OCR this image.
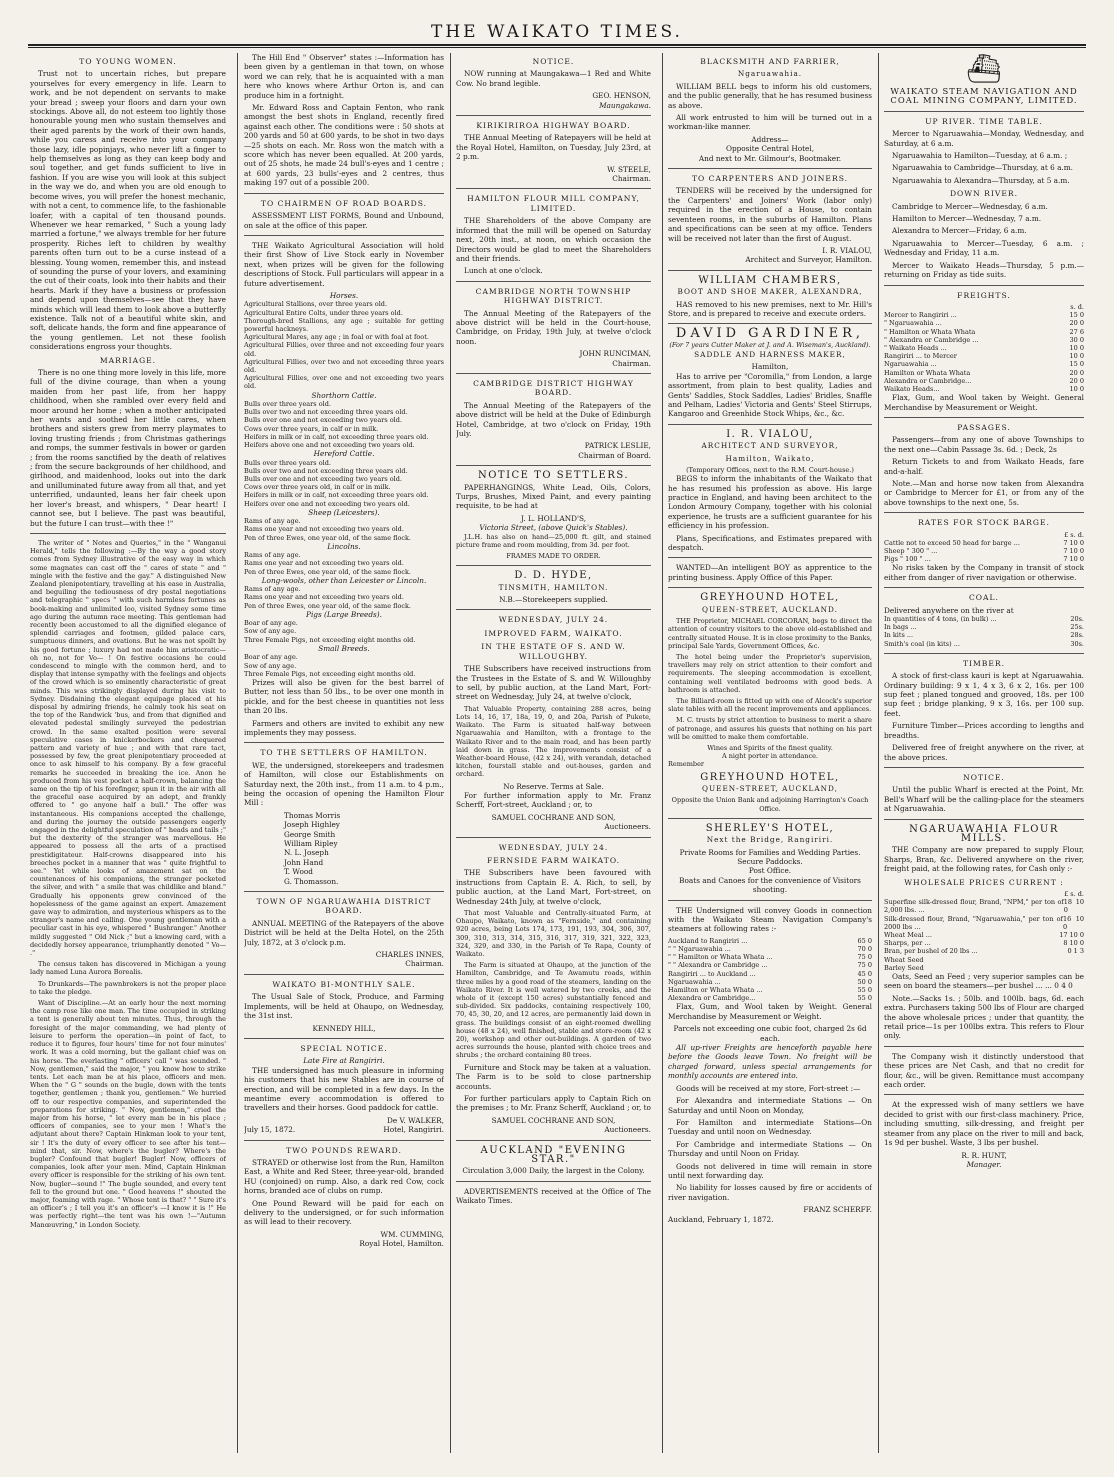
THE WAIKATO TIMES.
TO YOUNG WOMEN.

Trust not to uncertain riches, but prepare yourselves for every emergency in life. Learn to work, and be not dependent on servants to make your bread ; sweep your floors and darn your own stockings. Above all, do not esteem too lightly those honourable young men who sustain themselves and their aged parents by the work of their own hands, while you caress and receive into your company those lazy, idle popinjays, who never lift a finger to help themselves as long as they can keep body and soul together, and get funds sufficient to live in fashion. If you are wise you will look at this subject in the way we do, and when you are old enough to become wives, you will prefer the honest mechanic, with not a cent, to commence life, to the fashionable loafer, with a capital of ten thousand pounds. Whenever we hear remarked, " Such a young lady married a fortune," we always tremble for her future prosperity. Riches left to children by wealthy parents often turn out to be a curse instead of a blessing. Young women, remember this, and instead of sounding the purse of your lovers, and examining the cut of their coats, look into their habits and their hearts. Mark if they have a business or profession and depend upon themselves—see that they have minds which will lead them to look above a butterfly existence. Talk not of a beautiful white skin, and soft, delicate hands, the form and fine appearance of the young gentlemen. Let not these foolish considerations engross your thoughts.

MARRIAGE.

There is no one thing more lovely in this life, more full of the divine courage, than when a young maiden from her past life, from her happy childhood, when she rambled over every field and moor around her home ; when a mother anticipated her wants and soothed her little cares, when brothers and sisters grew from merry playmates to loving trusting friends ; from Christmas gatherings and romps, the summer festivals in bower or garden ; from the rooms sanctified by the death of relatives ; from the secure backgrounds of her childhood, and girlhood, and maidenhood, looks out into the dark and unilluminated future away from all that, and yet unterrified, undaunted, leans her fair cheek upon her lover's breast, and whispers, " Dear heart! I cannot see, but I believe. The past was beautiful, but the future I can trust—with thee !"

The writer of " Notes and Queries," in the " Wanganui Herald," tells the following :—By the way a good story comes from Sydney illustrative of the easy way in which some magnates can cast off the " cares of state " and " mingle with the festive and the gay." A distinguished New Zealand plenipotentiary, travelling at his ease in Australia, and beguiling the tediousness of dry postal negotiations and telegraphic " specs " with such harmless fortunes as book-making and unlimited loo, visited Sydney some time ago during the autumn race meeting. This gentleman had recently been accustomed to all the dignified elegance of splendid carriages and footmen, gilded palace cars, sumptuous dinners, and ovations. But he was not spoilt by his good fortune ; luxury had not made him aristocratic—oh no, not for Vo— ! On festive occasions he could condescend to mingle with the common herd, and to display that intense sympathy with the feelings and objects of the crowd which is so eminently characteristic of great minds. This was strikingly displayed during his visit to Sydney. Disdaining the elegant equipage placed at his disposal by admiring friends, he calmly took his seat on the top of the Randwick 'bus, and from that dignified and elevated pedestal smilingly surveyed the pedestrian crowd. In the same exalted position were several speculative cases in knickerbockers and chequered pattern and variety of hue ; and with that rare tact, possessed by few, the great plenipotentiary proceeded at once to ask himself to his company. By a few graceful remarks he succeeded in breaking the ice. Anon he produced from his vest pocket a half-crown, balancing the same on the tip of his forefinger, spun it in the air with all the graceful ease acquired by an adept, and frankly offered to " go anyone half a bull." The offer was instantaneous. His companions accepted the challenge, and during the journey the outside passengers eagerly engaged in the delightful speculation of " heads and tails ;" but the dexterity of the stranger was marvellous. He appeared to possess all the arts of a practised prestidigitateur. Half-crowns disappeared into his breeches pocket in a manner that was " quite frightful to see." Yet while looks of amazement sat on the countenances of his companions, the stranger pocketed the silver, and with " a smile that was childlike and bland." Gradually his opponents grew convinced of the hopelessness of the game against an expert. Amazement gave way to admiration, and mysterious whispers as to the stranger's name and calling. One young gentleman with a peculiar cast in his eye, whispered " Bushranger." Another mildly suggested " Old Nick ;" but a knowing card, with a decidedly horsey appearance, triumphantly denoted " Vo— ."

The census taken has discovered in Michigan a young lady named Luna Aurora Borealis.

To Drunkards—The pawnbrokers is not the proper place to take the pledge.

Want of Discipline.—At an early hour the next morning the camp rose like one man. The time occupied in striking a tent is generally about ten minutes. Thus, through the foresight of the major commanding, we had plenty of leisure to perform the operation—in point of fact, to reduce it to figures, four hours' time for not four minutes' work. It was a cold morning, but the gallant chief was on his horse. The everlasting " officers' call " was sounded. " Now, gentlemen," said the major, " you know how to strike tents. Let each man be at his place, officers and men. When the " G " sounds on the bugle, down with the tents together, gentlemen ; thank you, gentlemen." We hurried off to our respective companies, and superintended the preparations for striking. " Now, gentlemen," cried the major from his horse, " let every man be in his place ; officers of companies, see to your men ! What's the adjutant about there? Captain Hinkman look to your tent, sir ! It's the duty of every officer to see after his tent—mind that, sir. Now, where's the bugler? Where's the bugler? Confound that bugler! Bugler! Now, officers of companies, look after your men. Mind, Captain Hinkman every officer is responsible for the striking of his own tent. Now, bugler—sound !" The bugle sounded, and every tent fell to the ground but one. " Good heavens !" shouted the major, foaming with rage. " Whose tent is that? " " Sure it's an officer's ; I tell you it's an officer's —I know it is !" He was perfectly right—the tent was his own !—"Autumn Manœuvring," in London Society.

The Hill End " Observer" states :—Information has been given by a gentleman in that town, on whose word we can rely, that he is acquainted with a man here who knows where Arthur Orton is, and can produce him in a fortnight.

Mr. Edward Ross and Captain Fenton, who rank amongst the best shots in England, recently fired against each other. The conditions were : 50 shots at 200 yards and 50 at 600 yards, to be shot in two days—25 shots on each. Mr. Ross won the match with a score which has never been equalled. At 200 yards, out of 25 shots, he made 24 bull's-eyes and 1 centre ; at 600 yards, 23 bulls'-eyes and 2 centres, thus making 197 out of a possible 200.

TO CHAIRMEN OF ROAD BOARDS.

ASSESSMENT LIST FORMS, Bound and Unbound, on sale at the office of this paper.

THE Waikato Agricultural Association will hold their first Show of Live Stock early in November next, when prizes will be given for the following descriptions of Stock. Full particulars will appear in a future advertisement.

Horses.
Agricultural Stallions, over three years old.
Agricultural Entire Colts, under three years old.
Thorough-bred Stallions, any age ; suitable for getting powerful hackneys.
Agricultural Mares, any age ; in foal or with foal at foot.
Agricultural Fillies, over three and not exceeding four years old.
Agricultural Fillies, over two and not exceeding three years old.
Agricultural Fillies, over one and not exceeding two years old.
Shorthorn Cattle.
Bulls over three years old.
Bulls over two and not exceeding three years old.
Bulls over one and not exceeding two years old.
Cows over three years, in calf or in milk.
Heifers in milk or in calf, not exceeding three years old.
Heifers above one and not exceeding two years old.
Hereford Cattle.
Bulls over three years old.
Bulls over two and not exceeding three years old.
Bulls over one and not exceeding two years old.
Cows over three years old, in calf or in milk.
Heifers in milk or in calf, not exceeding three years old.
Heifers over one and not exceeding two years old.
Sheep (Leicesters).
Rams of any age.
Rams one year and not exceeding two years old.
Pen of three Ewes, one year old, of the same flock.
Lincolns.
Rams of any age.
Rams one year and not exceeding two years old.
Pen of three Ewes, one year old, of the same flock.
Long-wools, other than Leicester or Lincoln.
Rams of any age.
Rams one year and not exceeding two years old.
Pen of three Ewes, one year old, of the same flock.
Pigs (Large Breeds).
Boar of any age.
Sow of any age.
Three Female Pigs, not exceeding eight months old.
Small Breeds.
Boar of any age.
Sow of any age.
Three Female Pigs, not exceeding eight months old.

Prizes will also be given for the best barrel of Butter, not less than 50 lbs., to be over one month in pickle, and for the best cheese in quantities not less than 20 lbs.

Farmers and others are invited to exhibit any new implements they may possess.

TO THE SETTLERS OF HAMILTON.

WE, the undersigned, storekeepers and tradesmen of Hamilton, will close our Establishments on Saturday next, the 20th inst., from 11 a.m. to 4 p.m., being the occasion of opening the Hamilton Flour Mill :

Thomas Morris
Joseph Highley
George Smith
William Ripley
N. L. Joseph
John Hand
T. Wood
G. Thomasson.
TOWN OF NGARUAWAHIA DISTRICT BOARD.

ANNUAL MEETING of the Ratepayers of the above District will be held at the Delta Hotel, on the 25th July, 1872, at 3 o'clock p.m.

CHARLES INNES,
Chairman.
WAIKATO BI-MONTHLY SALE.

The Usual Sale of Stock, Produce, and Farming Implements, will be held at Ohaupo, on Wednesday, the 31st inst.

KENNEDY HILL,
SPECIAL NOTICE.
Late Fire at Rangiriri.

THE undersigned has much pleasure in informing his customers that his new Stables are in course of erection, and will be completed in a few days. In the meantime every accommodation is offered to travellers and their horses. Good paddock for cattle.

De V. WALKER,
July 15, 1872.	Hotel, Rangiriri.
TWO POUNDS REWARD.

STRAYED or otherwise lost from the Run, Hamilton East, a White and Red Steer, three-year-old, branded HU (conjoined) on rump. Also, a dark red Cow, cock horns, branded ace of clubs on rump.

One Pound Reward will be paid for each on delivery to the undersigned, or for such information as will lead to their recovery.

WM. CUMMING,
Royal Hotel, Hamilton.
NOTICE.

NOW running at Maungakawa—1 Red and White Cow. No brand legible.

GEO. HENSON,
Maungakawa.
KIRIKIRIROA HIGHWAY BOARD.

THE Annual Meeting of Ratepayers will be held at the Royal Hotel, Hamilton, on Tuesday, July 23rd, at 2 p.m.

W. STEELE,
Chairman.
HAMILTON FLOUR MILL COMPANY, LIMITED.

THE Shareholders of the above Company are informed that the mill will be opened on Saturday next, 20th inst., at noon, on which occasion the Directors would be glad to meet the Shareholders and their friends.

Lunch at one o'clock.

CAMBRIDGE NORTH TOWNSHIP HIGHWAY DISTRICT.

The Annual Meeting of the Ratepayers of the above district will be held in the Court-house, Cambridge, on Friday, 19th July, at twelve o'clock noon.

JOHN RUNCIMAN,
Chairman.
CAMBRIDGE DISTRICT HIGHWAY BOARD.

The Annual Meeting of the Ratepayers of the above district will be held at the Duke of Edinburgh Hotel, Cambridge, at two o'clock on Friday, 19th July.

PATRICK LESLIE,
Chairman of Board.
NOTICE TO SETTLERS.

PAPERHANGINGS, White Lead, Oils, Colors, Turps, Brushes, Mixed Paint, and every painting requisite, to be had at

J. L. HOLLAND'S,
Victoria Street, (above Quick's Stables).

J.L.H. has also on hand—25,000 ft. gilt, and stained picture frame and room moulding, from 3d. per foot.

FRAMES MADE TO ORDER.
D. D. HYDE,
TINSMITH, HAMILTON.
N.B.—Storekeepers supplied.
WEDNESDAY, JULY 24.
IMPROVED FARM, WAIKATO.
IN THE ESTATE OF S. AND W. WILLOUGHBY.

THE Subscribers have received instructions from the Trustees in the Estate of S. and W. Willoughby to sell, by public auction, at the Land Mart, Fort-street on Wednesday, July 24, at twelve o'clock,

That Valuable Property, containing 288 acres, being Lots 14, 16, 17, 18a, 19, 0, and 20a, Parish of Pukete, Waikato. The Farm is situated half-way between Ngaruawahia and Hamilton, with a frontage to the Waikato River and to the main road, and has been partly laid down in grass. The improvements consist of a Weather-board House, (42 x 24), with verandah, detached kitchen, fourstall stable and out-houses, garden and orchard.

No Reserve. Terms at Sale.

For further information apply to Mr. Franz Scherff, Fort-street, Auckland ; or, to

SAMUEL COCHRANE AND SON,
Auctioneers.
WEDNESDAY, JULY 24.
FERNSIDE FARM WAIKATO.

THE Subscribers have been favoured with instructions from Captain E. A. Rich, to sell, by public auction, at the Land Mart, Fort-street, on Wednesday 24th July, at twelve o'clock,

That most Valuable and Centrally-situated Farm, at Ohaupo, Waikato, known as "Fernside," and containing 920 acres, being Lots 174, 173, 191, 193, 304, 306, 307, 309, 310, 313, 314, 315, 316, 317, 319, 321, 322, 323, 324, 329, and 330, in the Parish of Te Rapa, County of Waikato.

The Farm is situated at Ohaupo, at the junction of the Hamilton, Cambridge, and Te Awamutu roads, within three miles by a good road of the steamers, landing on the Waikato River. It is well watered by two creeks, and the whole of it (except 150 acres) substantially fenced and sub-divided. Six paddocks, containing respectively 100, 70, 45, 30, 20, and 12 acres, are permanently laid down in grass. The buildings consist of an eight-roomed dwelling house (48 x 24), well finished, stable and store-room (42 x 20), workshop and other out-buildings. A garden of two acres surrounds the house, planted with choice trees and shrubs ; the orchard containing 80 trees.

Furniture and Stock may be taken at a valuation. The Farm is to be sold to close partnership accounts.

For further particulars apply to Captain Rich on the premises ; to Mr. Franz Scherff, Auckland ; or, to

SAMUEL COCHRANE AND SON,
Auctioneers.
AUCKLAND "EVENING STAR."
Circulation 3,000 Daily, the largest in the Colony.

ADVERTISEMENTS received at the Office of The Waikato Times.

BLACKSMITH AND FARRIER,
Ngaruawahia.

WILLIAM BELL begs to inform his old customers, and the public generally, that he has resumed business as above.

All work entrusted to him will be turned out in a workman-like manner.

Address—
Opposite Central Hotel,
And next to Mr. Gilmour's, Bootmaker.
TO CARPENTERS AND JOINERS.

TENDERS will be received by the undersigned for the Carpenters' and Joiners' Work (labor only) required in the erection of a House, to contain seventeen rooms, in the suburbs of Hamilton. Plans and specifications can be seen at my office. Tenders will be received not later than the first of August.

I. R. VIALOU,
Architect and Surveyor, Hamilton.
WILLIAM CHAMBERS,
BOOT AND SHOE MAKER, ALEXANDRA,

HAS removed to his new premises, next to Mr. Hill's Store, and is prepared to receive and execute orders.

DAVID GARDINER,
(For 7 years Cutter Maker at J. and A. Wiseman's, Auckland).
SADDLE AND HARNESS MAKER,
Hamilton,

Has to arrive per "Coromilla," from London, a large assortment, from plain to best quality, Ladies and Gents' Saddles, Stock Saddles, Ladies' Bridles, Snaffle and Pelham, Ladies' Victoria and Gents' Steel Stirrups, Kangaroo and Greenhide Stock Whips, &c., &c.

I. R. VIALOU,
ARCHITECT AND SURVEYOR,
Hamilton, Waikato,
(Temporary Offices, next to the R.M. Court-house.)

BEGS to inform the inhabitants of the Waikato that he has resumed his profession as above. His large practice in England, and having been architect to the London Armoury Company, together with his colonial experience, he trusts are a sufficient guarantee for his efficiency in his profession.

Plans, Specifications, and Estimates prepared with despatch.

WANTED—An intelligent BOY as apprentice to the printing business. Apply Office of this Paper.

GREYHOUND HOTEL,
QUEEN-STREET, AUCKLAND.

THE Proprietor, MICHAEL CORCORAN, begs to direct the attention of country visitors to the above old-established and centrally situated House. It is in close proximity to the Banks, principal Sale Yards, Government Offices, &c.

The hotel being under the Proprietor's supervision, travellers may rely on strict attention to their comfort and requirements. The sleeping accommodation is excellent, containing well ventilated bedrooms with good beds. A bathroom is attached.

The Billiard-room is fitted up with one of Alcock's superior slate tables with all the recent improvements and appliances.

M. C. trusts by strict attention to business to merit a share of patronage, and assures his guests that nothing on his part will be omitted to make them comfortable.

Wines and Spirits of the finest quality.
A night porter in attendance.
Remember
GREYHOUND HOTEL,
QUEEN-STREET, AUCKLAND,
Opposite the Union Bank and adjoining Harrington's Coach Office.
SHERLEY'S HOTEL,
Next the Bridge, Rangiriri.
Private Rooms for Families and Wedding Parties.
Secure Paddocks.
Post Office.
Boats and Canoes for the convenience of Visitors shooting.

THE Undersigned will convey Goods in connection with the Waikato Steam Navigation Company's steamers at following rates :-

Auckland to Rangiriri ...	65 0
" " Ngaruawahia ...	70 0
" " Hamilton or Whata Whata ...	75 0
" " Alexandra or Cambridge ...	75 0
Rangiriri ... to Auckland ...	45 0
Ngaruawahia ...	50 0
Hamilton or Whata Whata ...	55 0
Alexandra or Cambridge...	55 0

Flax, Gum, and Wool taken by Weight. General Merchandise by Measurement or Weight.

Parcels not exceeding one cubic foot, charged 2s 6d each.

All up-river Freights are henceforth payable here before the Goods leave Town. No freight will be charged forward, unless special arrangements for monthly accounts are entered into.

Goods will be received at my store, Fort-street :—

For Alexandra and intermediate Stations — On Saturday and until Noon on Monday,

For Hamilton and intermediate Stations—On Tuesday and until noon on Wednesday.

For Cambridge and intermediate Stations — On Thursday and until Noon on Friday.

Goods not delivered in time will remain in store until next forwarding day.

No liability for losses caused by fire or accidents of river navigation.

FRANZ SCHERFF.
Auckland, February 1, 1872.
⛴
WAIKATO STEAM NAVIGATION AND COAL MINING COMPANY, LIMITED.
UP RIVER. TIME TABLE.

Mercer to Ngaruawahia—Monday, Wednesday, and Saturday, at 6 a.m.

Ngaruawahia to Hamilton—Tuesday, at 6 a.m. ;

Ngaruawahia to Cambridge—Thursday, at 6 a.m.

Ngaruawahia to Alexandra—Thursday, at 5 a.m.

DOWN RIVER.

Cambridge to Mercer—Wednesday, 6 a.m.

Hamilton to Mercer—Wednesday, 7 a.m.

Alexandra to Mercer—Friday, 6 a.m.

Ngaruawahia to Mercer—Tuesday, 6 a.m. ; Wednesday and Friday, 11 a.m.

Mercer to Waikato Heads—Thursday, 5 p.m.—returning on Friday as tide suits.

FREIGHTS.
s. d.
Mercer to Rangiriri ...	15 0
" Ngaruawahia ...	20 0
" Hamilton or Whata Whata	27 6
" Alexandra or Cambridge ...	30 0
" Waikato Heads ...	10 0
Rangiriri ... to Mercer	10 0
Ngaruawahia ...	15 0
Hamilton or Whata Whata	20 0
Alexandra or Cambridge...	20 0
Waikato Heads...	10 0

Flax, Gum, and Wool taken by Weight. General Merchandise by Measurement or Weight.

PASSAGES.

Passengers—from any one of above Townships to the next one—Cabin Passage 3s. 6d. ; Deck, 2s

Return Tickets to and from Waikato Heads, fare and-a-half.

Note.—Man and horse now taken from Alexandra or Cambridge to Mercer for £1, or from any of the above townships to the next one, 5s.

RATES FOR STOCK BARGE.
£ s. d.
Cattle not to exceed 50 head for barge ...	7 10 0
Sheep " 300 " ...	7 10 0
Pigs " 100 " ...	7 10 0

No risks taken by the Company in transit of stock either from danger of river navigation or otherwise.

COAL.
Delivered anywhere on the river at
In quantities of 4 tons, (in bulk) ...	20s.
In bags ...	25s.
In kits ...	28s.
Smith's coal (in kits) ...	30s.
TIMBER.

A stock of first-class kauri is kept at Ngaruawahia. Ordinary building: 9 x 1, 4 x 3, 6 x 2, 16s. per 100 sup feet ; planed tongued and grooved, 18s. per 100 sup feet ; bridge planking, 9 x 3, 16s. per 100 sup. feet.

Furniture Timber—Prices according to lengths and breadths.

Delivered free of freight anywhere on the river, at the above prices.

NOTICE.

Until the public Wharf is erected at the Point, Mr. Bell's Wharf will be the calling-place for the steamers at Ngaruawahia.

NGARUAWAHIA FLOUR MILLS.

THE Company are now prepared to supply Flour, Sharps, Bran, &c. Delivered anywhere on the river, freight paid, at the following rates, for Cash only :-

WHOLESALE PRICES CURRENT :
£ s. d.
Superfine silk-dressed flour, Brand, "NPM," per ton of 2,000 lbs. ...
18 10 0
Silk-dressed flour, Brand, "Ngaruawahia," per ton of 2000 lbs ...
16 10 0
Wheat Meal ...	17 10 0
Sharps, per ...	8 10 0
Bran, per bushel of 20 lbs ...	0 1 3
Wheat Seed
Barley Seed

Oats, Seed an Feed ; very superior samples can be seen on board the steamers—per bushel ... ... 0 4 0

Note.—Sacks 1s. ; 50lb. and 100lb. bags, 6d. each extra. Purchasers taking 500 lbs of Flour are charged the above wholesale prices ; under that quantity, the retail price—1s per 100lbs extra. This refers to Flour only.

The Company wish it distinctly understood that these prices are Net Cash, and that no credit for flour, &c., will be given. Remittance must accompany each order.

At the expressed wish of many settlers we have decided to grist with our first-class machinery. Price, including smutting, silk-dressing, and freight per steamer from any place on the river to mill and back, 1s 9d per bushel. Waste, 3 lbs per bushel.

R. R. HUNT,
Manager.
